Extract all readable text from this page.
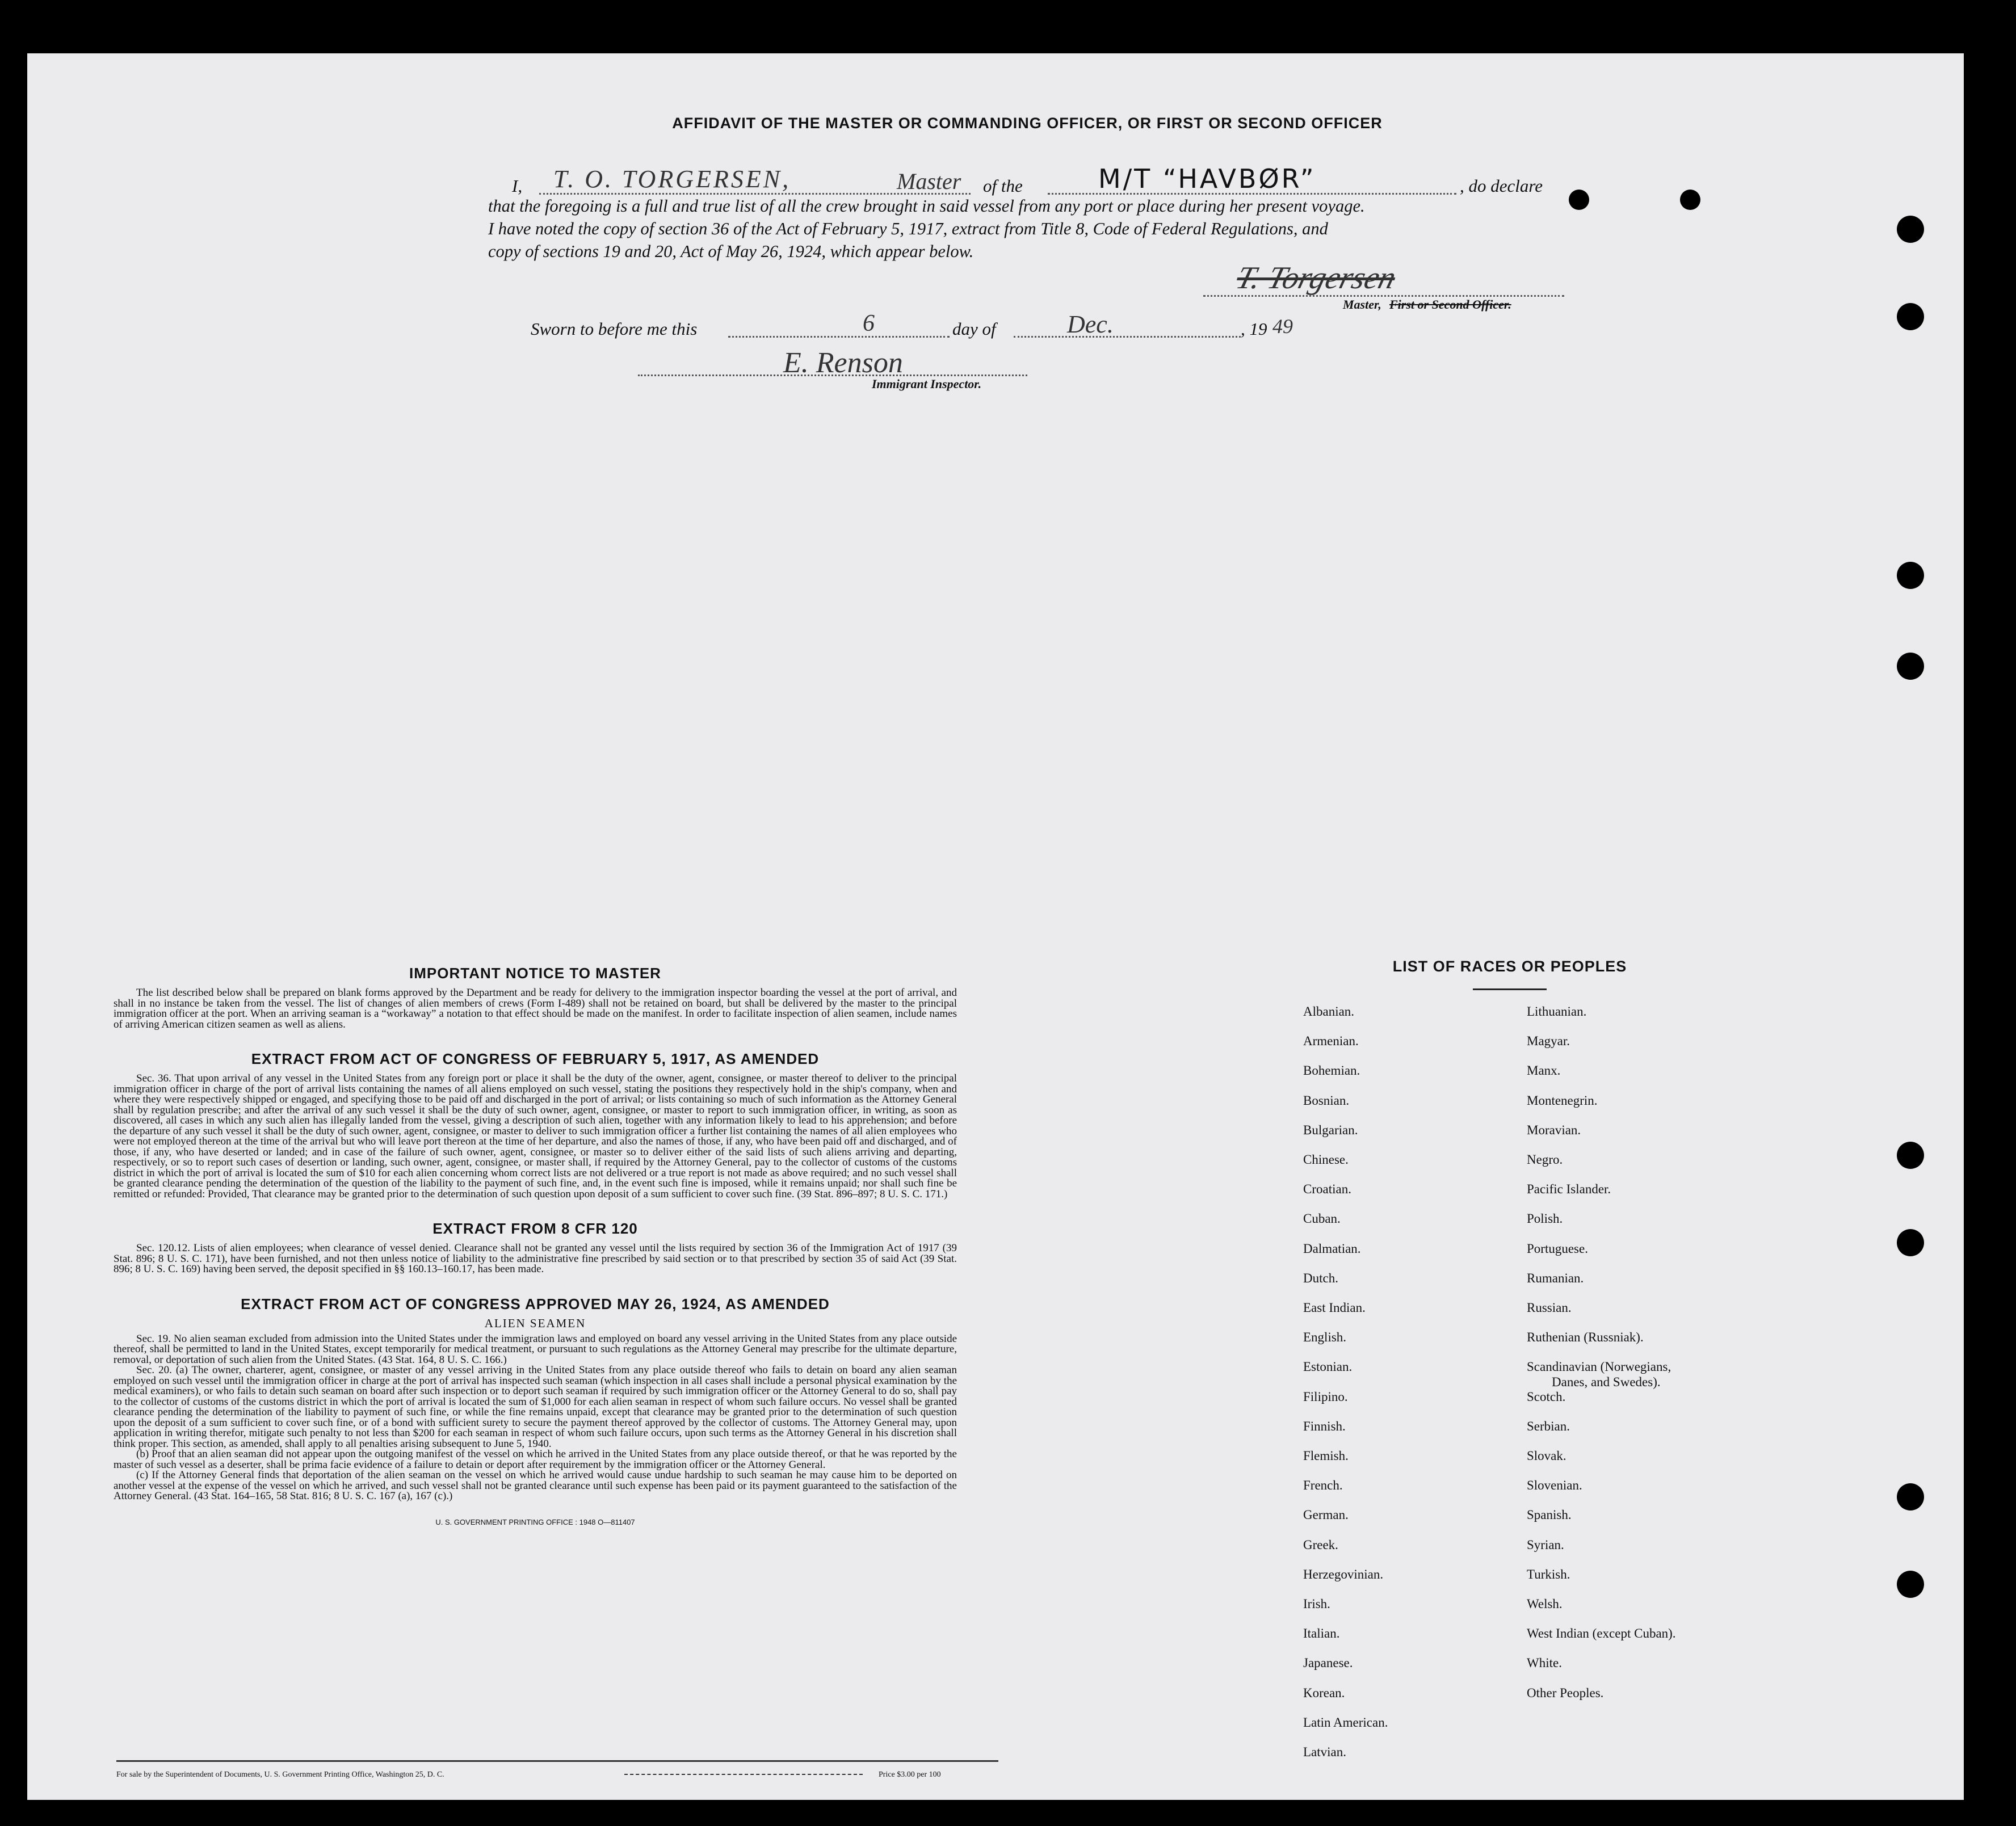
AFFIDAVIT OF THE MASTER OR COMMANDING OFFICER, OR FIRST OR SECOND OFFICER
I, T. O. TORGERSEN,	Master of the	M/T “HAVBØR”	, do declare
that the foregoing is a full and true list of all the crew brought in said vessel from any port or place during her present voyage.
I have noted the copy of section 36 of the Act of February 5, 1917, extract from Title 8, Code of Federal Regulations, and
copy of sections 19 and 20, Act of May 26, 1924, which appear below.
T. Torgersen
Master, First or Second Officer.
Sworn to before me this	6	day of	Dec.	, 19 49
E. Renson
Immigrant Inspector.
IMPORTANT NOTICE TO MASTER

The list described below shall be prepared on blank forms approved by the Department and be ready for delivery to the immigration inspector boarding the vessel at the port of arrival, and shall in no instance be taken from the vessel. The list of changes of alien members of crews (Form I-489) shall not be retained on board, but shall be delivered by the master to the principal immigration officer at the port. When an arriving seaman is a “workaway” a notation to that effect should be made on the manifest. In order to facilitate inspection of alien seamen, include names of arriving American citizen seamen as well as aliens.

EXTRACT FROM ACT OF CONGRESS OF FEBRUARY 5, 1917, AS AMENDED

Sec. 36. That upon arrival of any vessel in the United States from any foreign port or place it shall be the duty of the owner, agent, consignee, or master thereof to deliver to the principal immigration officer in charge of the port of arrival lists containing the names of all aliens employed on such vessel, stating the positions they respectively hold in the ship's company, when and where they were respectively shipped or engaged, and specifying those to be paid off and discharged in the port of arrival; or lists containing so much of such information as the Attorney General shall by regulation prescribe; and after the arrival of any such vessel it shall be the duty of such owner, agent, consignee, or master to report to such immigration officer, in writing, as soon as discovered, all cases in which any such alien has illegally landed from the vessel, giving a description of such alien, together with any information likely to lead to his apprehension; and before the departure of any such vessel it shall be the duty of such owner, agent, consignee, or master to deliver to such immigration officer a further list containing the names of all alien employees who were not employed thereon at the time of the arrival but who will leave port thereon at the time of her departure, and also the names of those, if any, who have been paid off and discharged, and of those, if any, who have deserted or landed; and in case of the failure of such owner, agent, consignee, or master so to deliver either of the said lists of such aliens arriving and departing, respectively, or so to report such cases of desertion or landing, such owner, agent, consignee, or master shall, if required by the Attorney General, pay to the collector of customs of the customs district in which the port of arrival is located the sum of $10 for each alien concerning whom correct lists are not delivered or a true report is not made as above required; and no such vessel shall be granted clearance pending the determination of the question of the liability to the payment of such fine, and, in the event such fine is imposed, while it remains unpaid; nor shall such fine be remitted or refunded: Provided, That clearance may be granted prior to the determination of such question upon deposit of a sum sufficient to cover such fine. (39 Stat. 896–897; 8 U. S. C. 171.)

EXTRACT FROM 8 CFR 120

Sec. 120.12. Lists of alien employees; when clearance of vessel denied. Clearance shall not be granted any vessel until the lists required by section 36 of the Immigration Act of 1917 (39 Stat. 896; 8 U. S. C. 171), have been furnished, and not then unless notice of liability to the administrative fine prescribed by said section or to that prescribed by section 35 of said Act (39 Stat. 896; 8 U. S. C. 169) having been served, the deposit specified in §§ 160.13–160.17, has been made.

EXTRACT FROM ACT OF CONGRESS APPROVED MAY 26, 1924, AS AMENDED
ALIEN SEAMEN

Sec. 19. No alien seaman excluded from admission into the United States under the immigration laws and employed on board any vessel arriving in the United States from any place outside thereof, shall be permitted to land in the United States, except temporarily for medical treatment, or pursuant to such regulations as the Attorney General may prescribe for the ultimate departure, removal, or deportation of such alien from the United States. (43 Stat. 164, 8 U. S. C. 166.)

Sec. 20. (a) The owner, charterer, agent, consignee, or master of any vessel arriving in the United States from any place outside thereof who fails to detain on board any alien seaman employed on such vessel until the immigration officer in charge at the port of arrival has inspected such seaman (which inspection in all cases shall include a personal physical examination by the medical examiners), or who fails to detain such seaman on board after such inspection or to deport such seaman if required by such immigration officer or the Attorney General to do so, shall pay to the collector of customs of the customs district in which the port of arrival is located the sum of $1,000 for each alien seaman in respect of whom such failure occurs. No vessel shall be granted clearance pending the determination of the liability to payment of such fine, or while the fine remains unpaid, except that clearance may be granted prior to the determination of such question upon the deposit of a sum sufficient to cover such fine, or of a bond with sufficient surety to secure the payment thereof approved by the collector of customs. The Attorney General may, upon application in writing therefor, mitigate such penalty to not less than $200 for each seaman in respect of whom such failure occurs, upon such terms as the Attorney General in his discretion shall think proper. This section, as amended, shall apply to all penalties arising subsequent to June 5, 1940.

(b) Proof that an alien seaman did not appear upon the outgoing manifest of the vessel on which he arrived in the United States from any place outside thereof, or that he was reported by the master of such vessel as a deserter, shall be prima facie evidence of a failure to detain or deport after requirement by the immigration officer or the Attorney General.

(c) If the Attorney General finds that deportation of the alien seaman on the vessel on which he arrived would cause undue hardship to such seaman he may cause him to be deported on another vessel at the expense of the vessel on which he arrived, and such vessel shall not be granted clearance until such expense has been paid or its payment guaranteed to the satisfaction of the Attorney General. (43 Stat. 164–165, 58 Stat. 816; 8 U. S. C. 167 (a), 167 (c).)

U. S. GOVERNMENT PRINTING OFFICE : 1948 O—811407
For sale by the Superintendent of Documents, U. S. Government Printing Office, Washington 25, D. C.	Price $3.00 per 100
LIST OF RACES OR PEOPLES
Albanian.
Armenian.
Bohemian.
Bosnian.
Bulgarian.
Chinese.
Croatian.
Cuban.
Dalmatian.
Dutch.
East Indian.
English.
Estonian.
Filipino.
Finnish.
Flemish.
French.
German.
Greek.
Herzegovinian.
Irish.
Italian.
Japanese.
Korean.
Latin American.
Latvian.
Lithuanian.
Magyar.
Manx.
Montenegrin.
Moravian.
Negro.
Pacific Islander.
Polish.
Portuguese.
Rumanian.
Russian.
Ruthenian (Russniak).
Scandinavian (Norwegians,
Danes, and Swedes).
Scotch.
Serbian.
Slovak.
Slovenian.
Spanish.
Syrian.
Turkish.
Welsh.
West Indian (except Cuban).
White.
Other Peoples.
